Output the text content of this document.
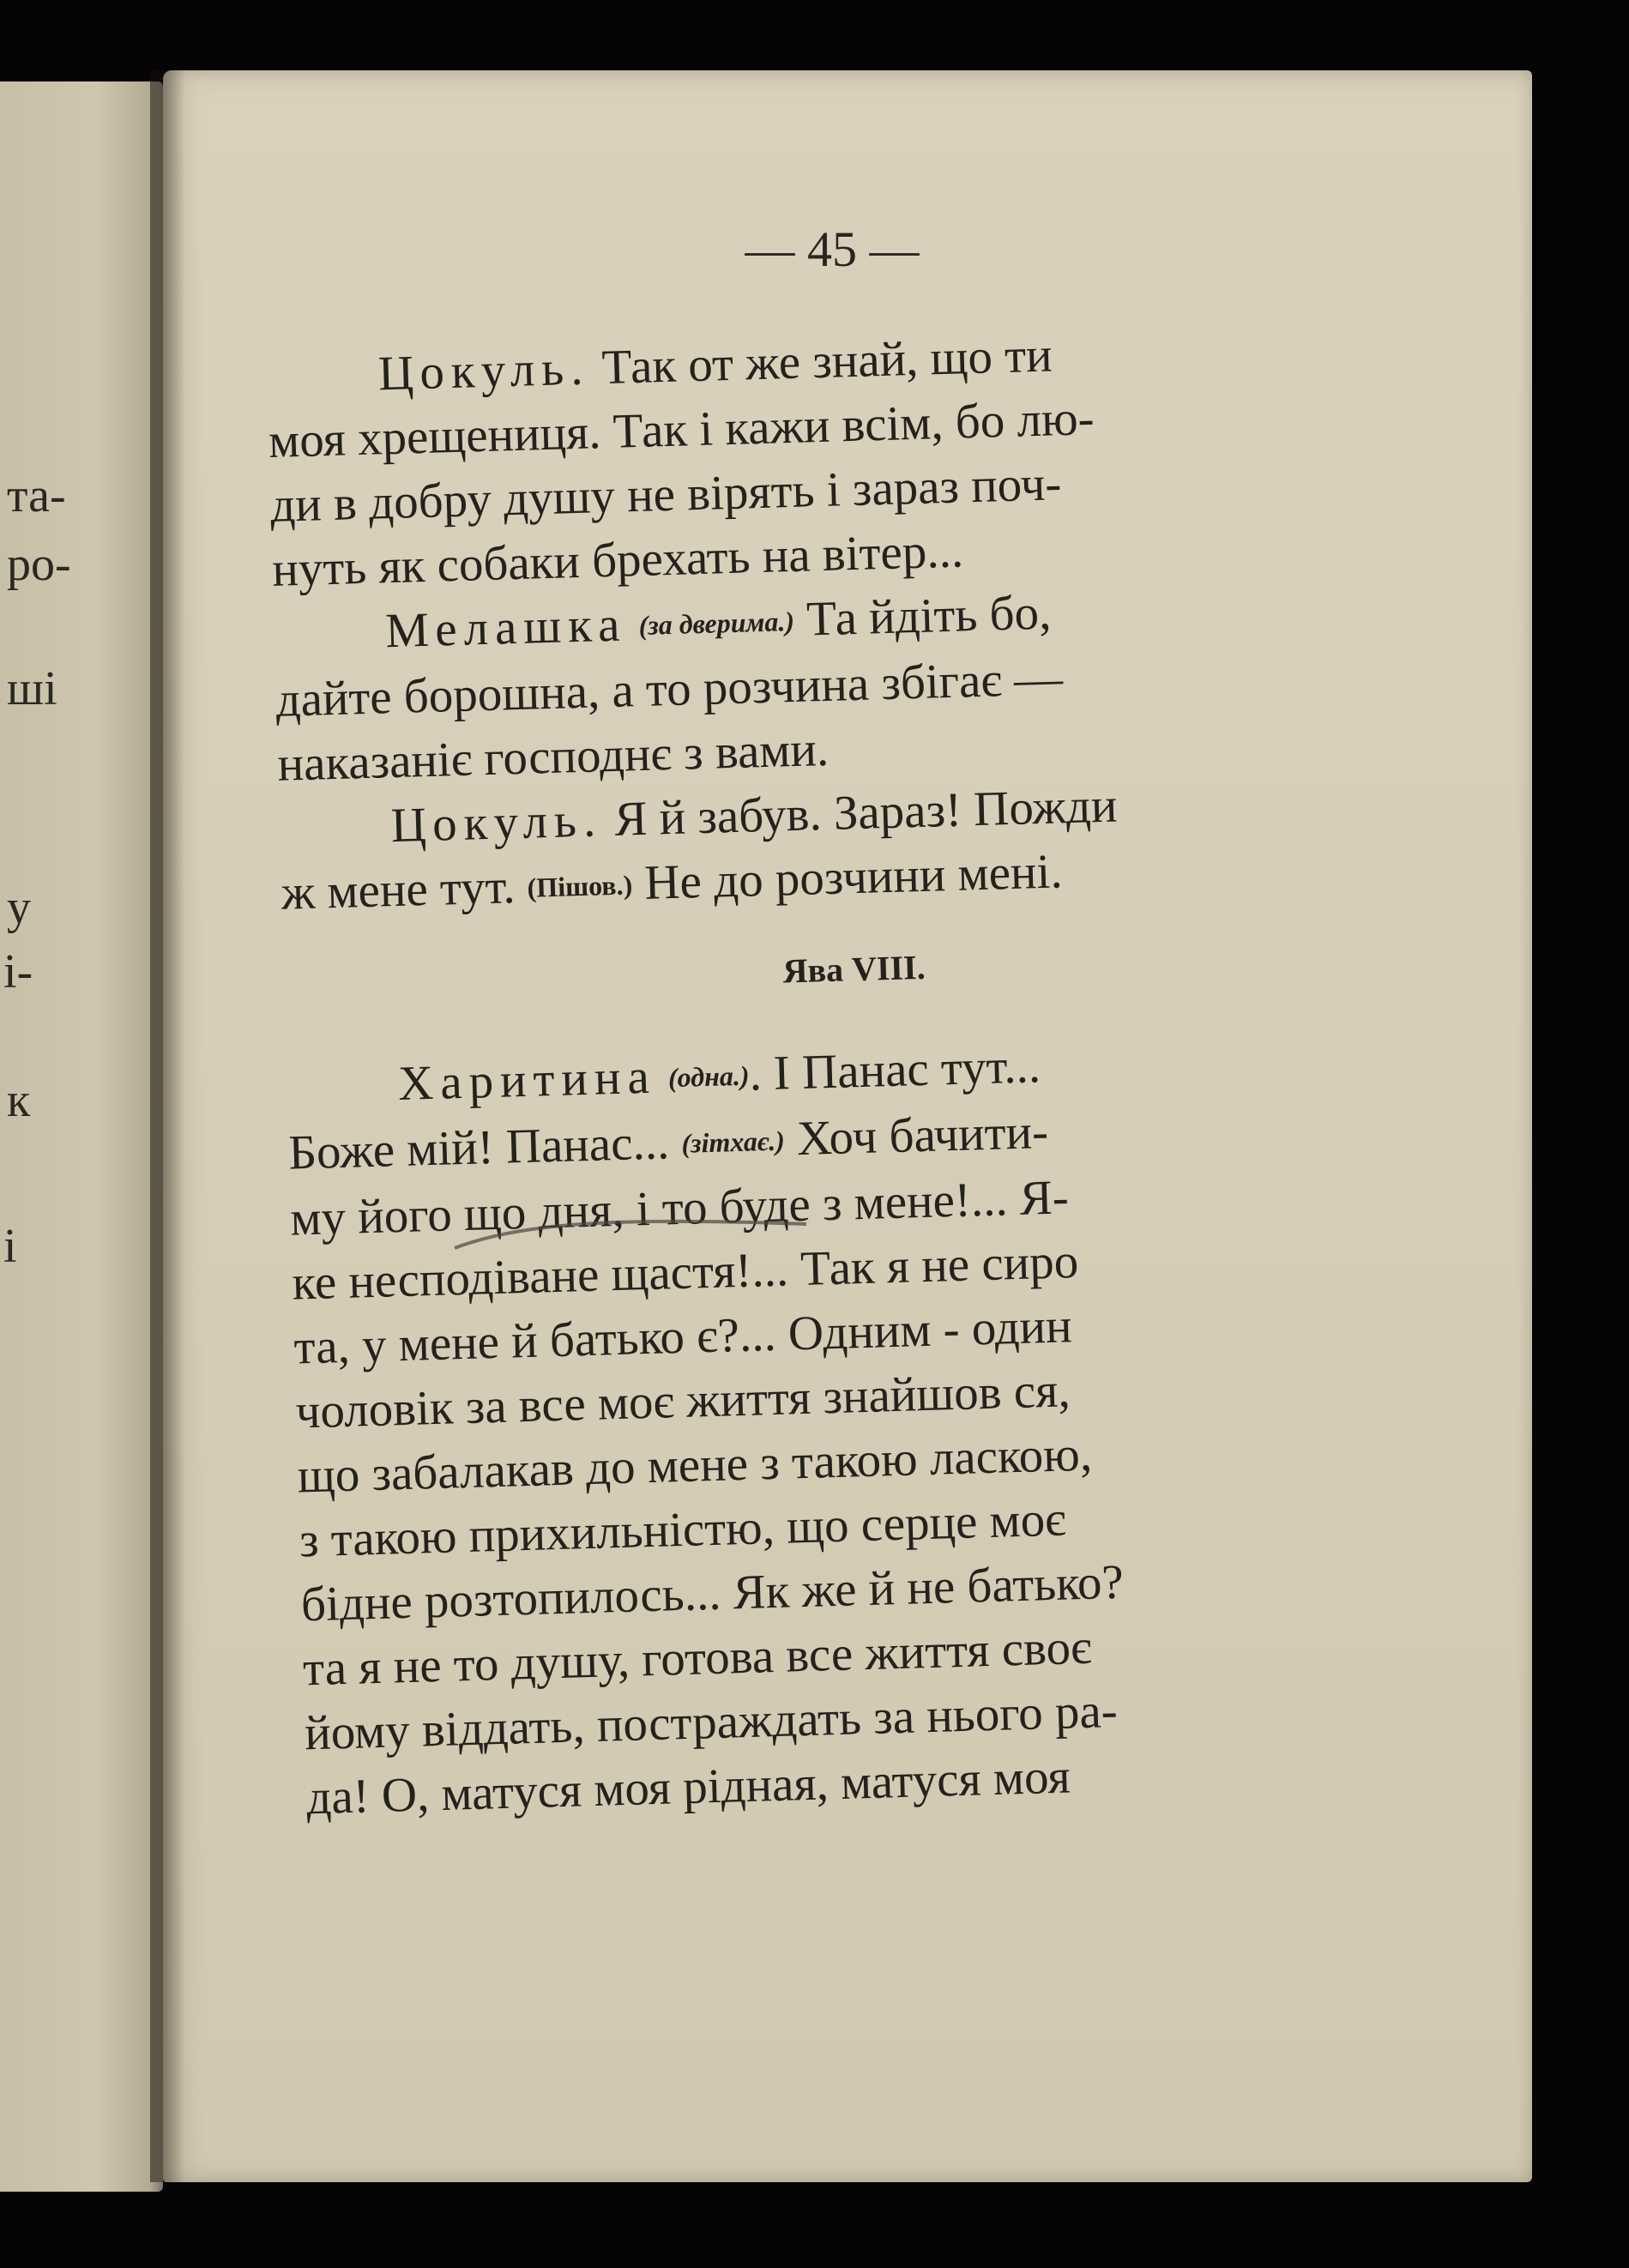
та-
ро-
ші
у
і-
к
і
— 45 —
Цокуль. Так от же знай, що ти
моя хрещениця. Так і кажи всім, бо лю-
ди в добру душу не вірять і зараз поч-
нуть як собаки брехать на вітер...
Мелашка (за дверима.) Та йдіть бо,
дайте борошна, а то розчина збігає —
наказаніє господнє з вами.
Цокуль. Я й забув. Зараз! Пожди
ж мене тут. (Пішов.) Не до розчини мені.
Ява VIII.
Харитина (одна.). І Панас тут...
Боже мій! Панас... (зітхає.) Хоч бачити-
му його що дня, і то буде з мене!... Я-
ке несподіване щастя!... Так я не сиро
та, у мене й батько є?... Одним - один
чоловік за все моє життя знайшов ся,
що забалакав до мене з такою ласкою,
з такою прихильністю, що серце моє
бідне розтопилось... Як же й не батько?
та я не то душу, готова все життя своє
йому віддать, постраждать за нього ра-
да! О, матуся моя рідная, матуся моя
